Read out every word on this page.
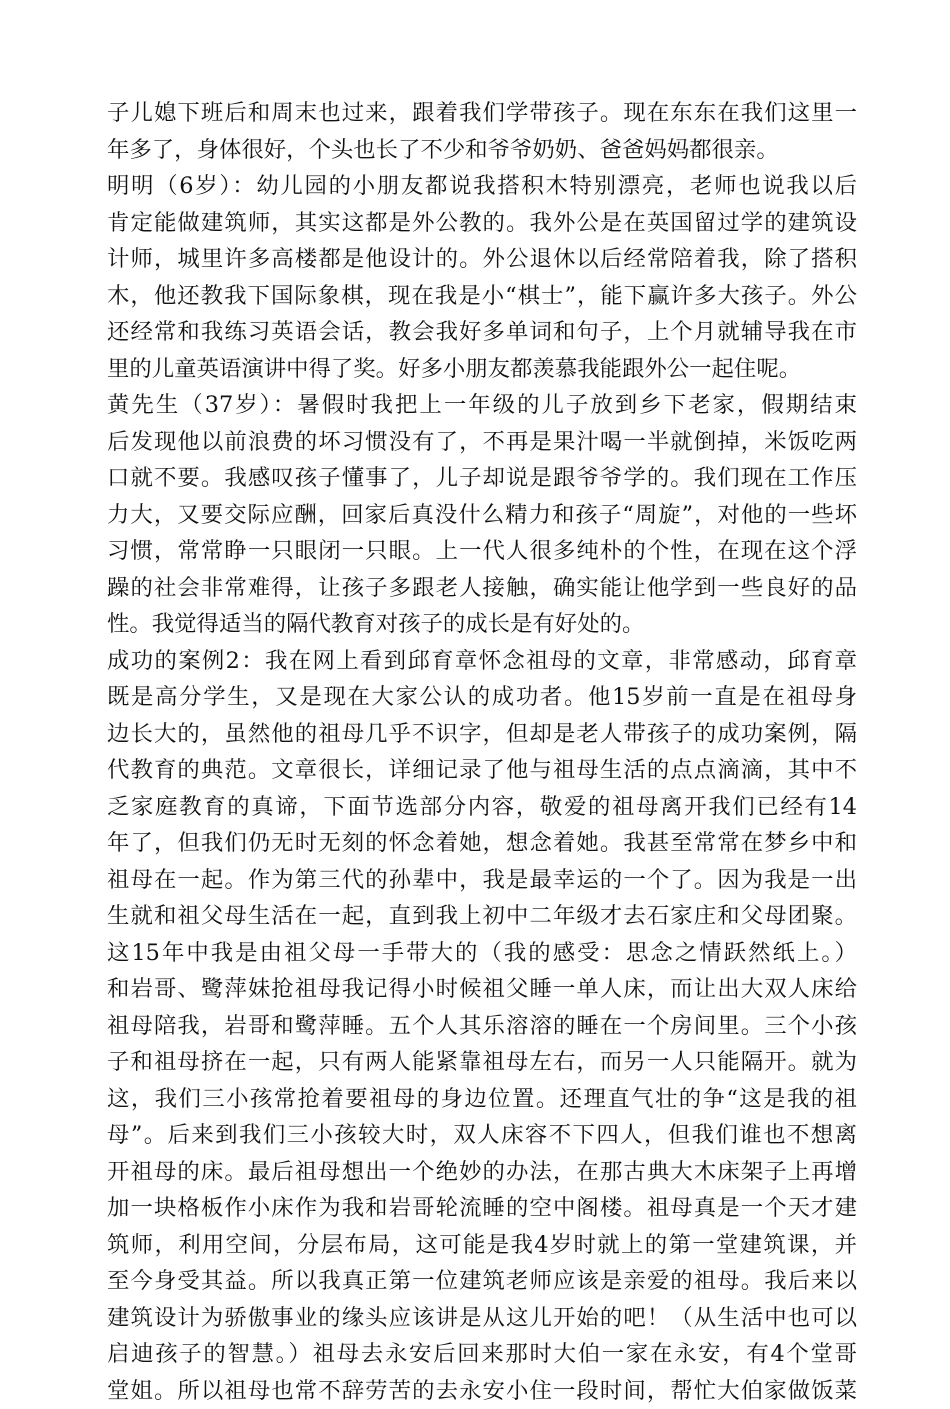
子儿媳下班后和周末也过来，跟着我们学带孩子。现在东东在我们这里一
年多了，身体很好，个头也长了不少和爷爷奶奶、爸爸妈妈都很亲。
明明（6岁）：幼儿园的小朋友都说我搭积木特别漂亮，老师也说我以后
肯定能做建筑师，其实这都是外公教的。我外公是在英国留过学的建筑设
计师，城里许多高楼都是他设计的。外公退休以后经常陪着我，除了搭积
木，他还教我下国际象棋，现在我是小“棋士”，能下赢许多大孩子。外公
还经常和我练习英语会话，教会我好多单词和句子，上个月就辅导我在市
里的儿童英语演讲中得了奖。好多小朋友都羡慕我能跟外公一起住呢。
黄先生（37岁）：暑假时我把上一年级的儿子放到乡下老家，假期结束
后发现他以前浪费的坏习惯没有了，不再是果汁喝一半就倒掉，米饭吃两
口就不要。我感叹孩子懂事了，儿子却说是跟爷爷学的。我们现在工作压
力大，又要交际应酬，回家后真没什么精力和孩子“周旋”，对他的一些坏
习惯，常常睁一只眼闭一只眼。上一代人很多纯朴的个性，在现在这个浮
躁的社会非常难得，让孩子多跟老人接触，确实能让他学到一些良好的品
性。我觉得适当的隔代教育对孩子的成长是有好处的。
成功的案例2：我在网上看到邱育章怀念祖母的文章，非常感动，邱育章
既是高分学生，又是现在大家公认的成功者。他15岁前一直是在祖母身
边长大的，虽然他的祖母几乎不识字，但却是老人带孩子的成功案例，隔
代教育的典范。文章很长，详细记录了他与祖母生活的点点滴滴，其中不
乏家庭教育的真谛，下面节选部分内容，敬爱的祖母离开我们已经有14
年了，但我们仍无时无刻的怀念着她，想念着她。我甚至常常在梦乡中和
祖母在一起。作为第三代的孙辈中，我是最幸运的一个了。因为我是一出
生就和祖父母生活在一起，直到我上初中二年级才去石家庄和父母团聚。
这15年中我是由祖父母一手带大的（我的感受：思念之情跃然纸上。）
和岩哥、鹭萍妹抢祖母我记得小时候祖父睡一单人床，而让出大双人床给
祖母陪我，岩哥和鹭萍睡。五个人其乐溶溶的睡在一个房间里。三个小孩
子和祖母挤在一起，只有两人能紧靠祖母左右，而另一人只能隔开。就为
这，我们三小孩常抢着要祖母的身边位置。还理直气壮的争“这是我的祖
母”。后来到我们三小孩较大时，双人床容不下四人，但我们谁也不想离
开祖母的床。最后祖母想出一个绝妙的办法，在那古典大木床架子上再增
加一块格板作小床作为我和岩哥轮流睡的空中阁楼。祖母真是一个天才建
筑师，利用空间，分层布局，这可能是我4岁时就上的第一堂建筑课，并
至今身受其益。所以我真正第一位建筑老师应该是亲爱的祖母。我后来以
建筑设计为骄傲事业的缘头应该讲是从这儿开始的吧！（从生活中也可以
启迪孩子的智慧。）祖母去永安后回来那时大伯一家在永安，有4个堂哥
堂姐。所以祖母也常不辞劳苦的去永安小住一段时间，帮忙大伯家做饭菜
